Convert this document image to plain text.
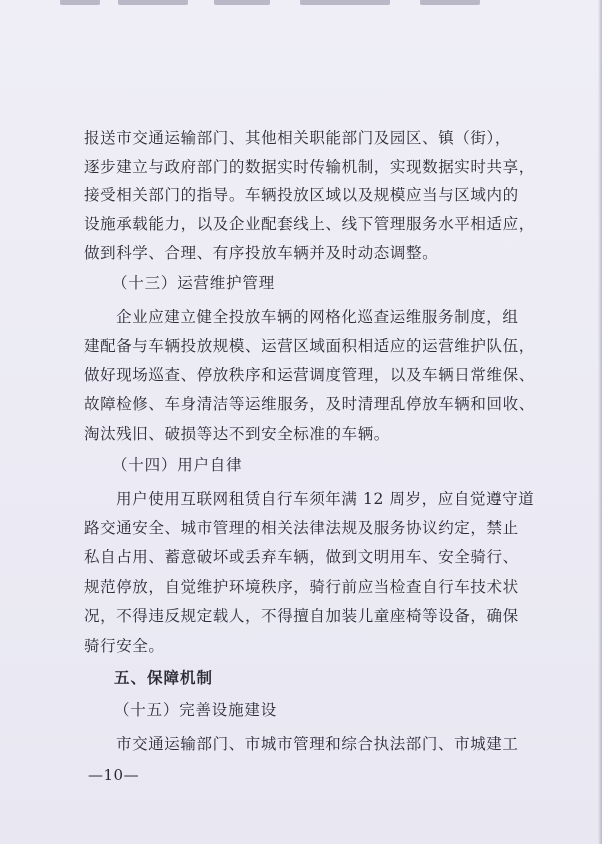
报送市交通运输部门、其他相关职能部门及园区、镇（街），
逐步建立与政府部门的数据实时传输机制，实现数据实时共享，
接受相关部门的指导。车辆投放区域以及规模应当与区域内的
设施承载能力，以及企业配套线上、线下管理服务水平相适应，
做到科学、合理、有序投放车辆并及时动态调整。
（十三）运营维护管理
企业应建立健全投放车辆的网格化巡查运维服务制度，组
建配备与车辆投放规模、运营区域面积相适应的运营维护队伍，
做好现场巡查、停放秩序和运营调度管理，以及车辆日常维保、
故障检修、车身清洁等运维服务，及时清理乱停放车辆和回收、
淘汰残旧、破损等达不到安全标准的车辆。
（十四）用户自律
用户使用互联网租赁自行车须年满 12 周岁，应自觉遵守道
路交通安全、城市管理的相关法律法规及服务协议约定，禁止
私自占用、蓄意破坏或丢弃车辆，做到文明用车、安全骑行、
规范停放，自觉维护环境秩序，骑行前应当检查自行车技术状
况，不得违反规定载人，不得擅自加装儿童座椅等设备，确保
骑行安全。
五、保障机制
（十五）完善设施建设
市交通运输部门、市城市管理和综合执法部门、市城建工
—10—
